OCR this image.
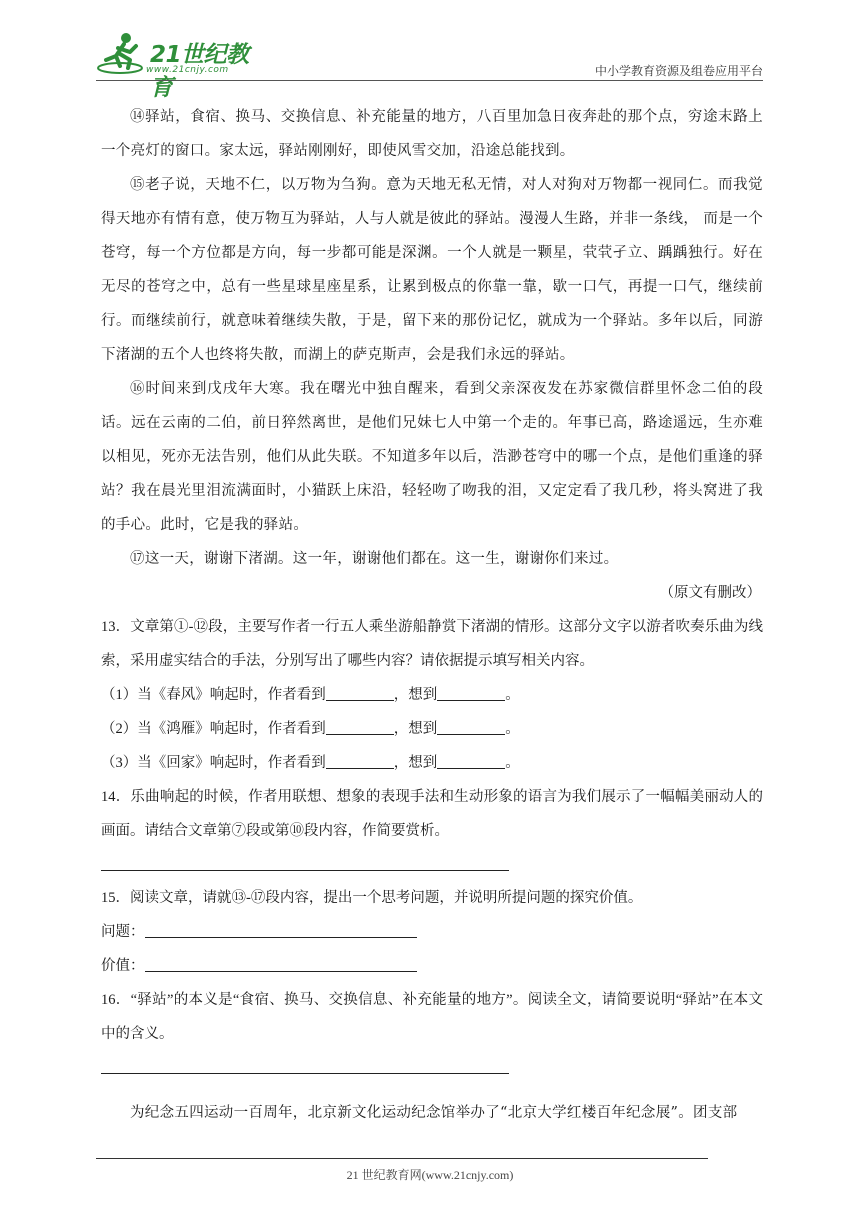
21世纪教育
www.21cnjy.com	中小学教育资源及组卷应用平台

⑭驿站，食宿、换马、交换信息、补充能量的地方，八百里加急日夜奔赴的那个点，穷途末路上一个亮灯的窗口。家太远，驿站刚刚好，即使风雪交加，沿途总能找到。

⑮老子说，天地不仁，以万物为刍狗。意为天地无私无情，对人对狗对万物都一视同仁。而我觉得天地亦有情有意，使万物互为驿站，人与人就是彼此的驿站。漫漫人生路，并非一条线， 而是一个苍穹，每一个方位都是方向，每一步都可能是深渊。一个人就是一颗星，茕茕孑立、踽踽独行。好在无尽的苍穹之中，总有一些星球星座星系，让累到极点的你靠一靠，歇一口气，再提一口气，继续前行。而继续前行，就意味着继续失散，于是，留下来的那份记忆，就成为一个驿站。多年以后，同游下渚湖的五个人也终将失散，而湖上的萨克斯声，会是我们永远的驿站。

⑯时间来到戊戌年大寒。我在曙光中独自醒来，看到父亲深夜发在苏家微信群里怀念二伯的段话。远在云南的二伯，前日猝然离世，是他们兄妹七人中第一个走的。年事已高，路途遥远，生亦难以相见，死亦无法告别，他们从此失联。不知道多年以后，浩渺苍穹中的哪一个点，是他们重逢的驿站？我在晨光里泪流满面时，小猫跃上床沿，轻轻吻了吻我的泪，又定定看了我几秒，将头窝进了我的手心。此时，它是我的驿站。

⑰这一天，谢谢下渚湖。这一年，谢谢他们都在。这一生，谢谢你们来过。

（原文有删改）

13．文章第①-⑫段，主要写作者一行五人乘坐游船静赏下渚湖的情形。这部分文字以游者吹奏乐曲为线索，采用虚实结合的手法，分别写出了哪些内容？请依据提示填写相关内容。

（1）当《春风》响起时，作者看到	，想到	。

（2）当《鸿雁》响起时，作者看到	，想到	。

（3）当《回家》响起时，作者看到	，想到	。

14．乐曲响起的时候，作者用联想、想象的表现手法和生动形象的语言为我们展示了一幅幅美丽动人的画面。请结合文章第⑦段或第⑩段内容，作简要赏析。

15．阅读文章，请就⑬-⑰段内容，提出一个思考问题，并说明所提问题的探究价值。

问题：

价值：

16．“驿站”的本义是“食宿、换马、交换信息、补充能量的地方”。阅读全文，请简要说明“驿站”在本文中的含义。

为纪念五四运动一百周年，北京新文化运动纪念馆举办了“北京大学红楼百年纪念展”。团支部

21 世纪教育网(www.21cnjy.com)
